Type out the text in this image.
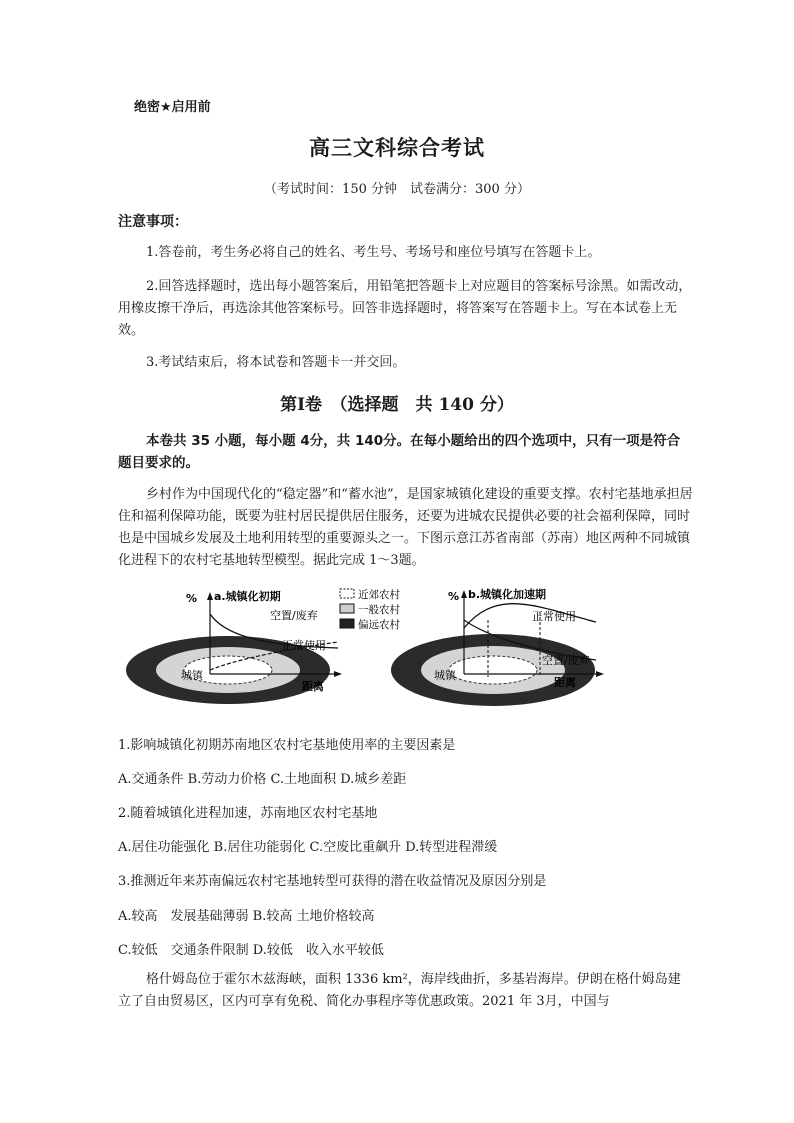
绝密★启用前
高三文科综合考试
（考试时间：150 分钟　试卷满分：300 分）
注意事项：
1.答卷前，考生务必将自己的姓名、考生号、考场号和座位号填写在答题卡上。
2.回答选择题时，选出每小题答案后，用铅笔把答题卡上对应题目的答案标号涂黑。如需改动，用橡皮擦干净后，再选涂其他答案标号。回答非选择题时，将答案写在答题卡上。写在本试卷上无效。
3.考试结束后，将本试卷和答题卡一并交回。
第Ⅰ卷　（选择题　共 140 分）
本卷共 35 小题，每小题 4分，共 140分。在每小题给出的四个选项中，只有一项是符合题目要求的。
乡村作为中国现代化的“稳定器”和“蓄水池”，是国家城镇化建设的重要支撑。农村宅基地承担居住和福利保障功能，既要为驻村居民提供居住服务，还要为进城农民提供必要的社会福利保障，同时也是中国城乡发展及土地利用转型的重要源头之一。下图示意江苏省南部（苏南）地区两种不同城镇化进程下的农村宅基地转型模型。据此完成 1～3题。
% a.城镇化初期
空置/废弃
正常使用
城镇
距离
近郊农村
一般农村
偏远农村
% b.城镇化加速期
正常使用
空置/废弃
城镇
距离
1.影响城镇化初期苏南地区农村宅基地使用率的主要因素是
A.交通条件 B.劳动力价格 C.土地面积 D.城乡差距
2.随着城镇化进程加速，苏南地区农村宅基地
A.居住功能强化 B.居住功能弱化 C.空废比重飙升 D.转型进程滞缓
3.推测近年来苏南偏远农村宅基地转型可获得的潜在收益情况及原因分别是
A.较高　发展基础薄弱 B.较高 土地价格较高
C.较低　交通条件限制 D.较低　收入水平较低
格什姆岛位于霍尔木兹海峡，面积 1336 km²，海岸线曲折，多基岩海岸。伊朗在格什姆岛建立了自由贸易区，区内可享有免税、简化办事程序等优惠政策。2021 年 3月，中国与
